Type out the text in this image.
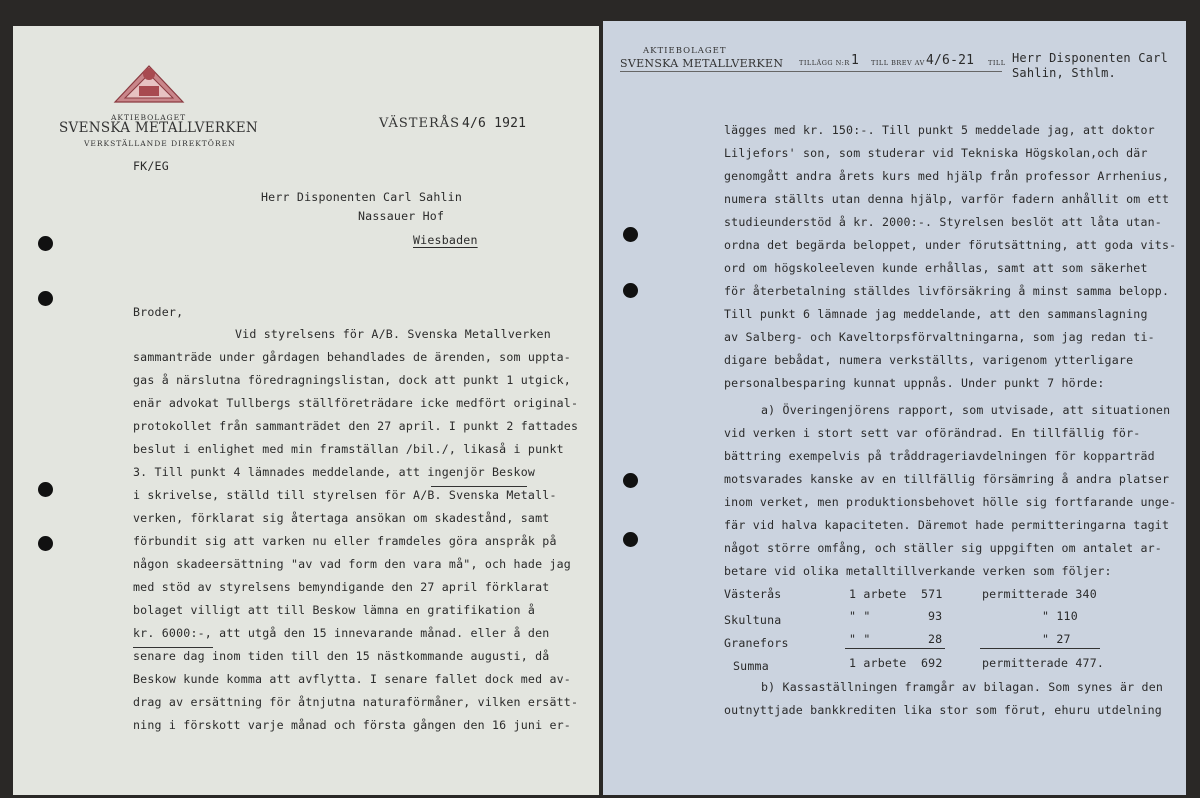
AKTIEBOLAGET
SVENSKA METALLVERKEN
VERKSTÄLLANDE DIREKTÖREN
VÄSTERÅS 4/6 1921
FK/EG
Herr Disponenten Carl Sahlin
Nassauer Hof
Wiesbaden
Broder,
Vid styrelsens för A/B. Svenska Metallverken
sammanträde under gårdagen behandlades de ärenden, som uppta-
gas å närslutna föredragningslistan, dock att punkt 1 utgick,
enär advokat Tullbergs ställföreträdare icke medfört original-
protokollet från sammanträdet den 27 april. I punkt 2 fattades
beslut i enlighet med min framställan /bil./, likaså i punkt
3. Till punkt 4 lämnades meddelande, att ingenjör Beskow
i skrivelse, ställd till styrelsen för A/B. Svenska Metall-
verken, förklarat sig återtaga ansökan om skadestånd, samt
förbundit sig att varken nu eller framdeles göra anspråk på
någon skadeersättning "av vad form den vara må", och hade jag
med stöd av styrelsens bemyndigande den 27 april förklarat
bolaget villigt att till Beskow lämna en gratifikation å
kr. 6000:-, att utgå den 15 innevarande månad. eller å den
senare dag inom tiden till den 15 nästkommande augusti, då
Beskow kunde komma att avflytta. I senare fallet dock med av-
drag av ersättning för åtnjutna naturaförmåner, vilken ersätt-
ning i förskott varje månad och första gången den 16 juni er-
AKTIEBOLAGET
SVENSKA METALLVERKEN TILLÄGG N:R 1 TILL BREV AV 4/6-21 TILL Herr Disponenten Carl
Sahlin, Sthlm.
lägges med kr. 150:-. Till punkt 5 meddelade jag, att doktor
Liljefors' son, som studerar vid Tekniska Högskolan,och där
genomgått andra årets kurs med hjälp från professor Arrhenius,
numera ställts utan denna hjälp, varför fadern anhållit om ett
studieunderstöd å kr. 2000:-. Styrelsen beslöt att låta utan-
ordna det begärda beloppet, under förutsättning, att goda vits-
ord om högskoleeleven kunde erhållas, samt att som säkerhet
för återbetalning ställdes livförsäkring å minst samma belopp.
Till punkt 6 lämnade jag meddelande, att den sammanslagning
av Salberg- och Kaveltorpsförvaltningarna, som jag redan ti-
digare bebådat, numera verkställts, varigenom ytterligare
personalbesparing kunnat uppnås. Under punkt 7 hörde:
a) Överingenjörens rapport, som utvisade, att situationen
vid verken i stort sett var oförändrad. En tillfällig för-
bättring exempelvis på tråddrageriavdelningen för kopparträd
motsvarades kanske av en tillfällig försämring å andra platser
inom verket, men produktionsbehovet hölle sig fortfarande unge-
fär vid halva kapaciteten. Däremot hade permitteringarna tagit
något större omfång, och ställer sig uppgiften om antalet ar-
betare vid olika metalltillverkande verken som följer:
Västerås	1 arbete 571	permitterade 340
Skultuna	" "	93	" 110
Granefors	" "	28	" 27
Summa	1 arbete 692	permitterade 477.
b) Kassaställningen framgår av bilagan. Som synes är den
outnyttjade bankkrediten lika stor som förut, ehuru utdelning
